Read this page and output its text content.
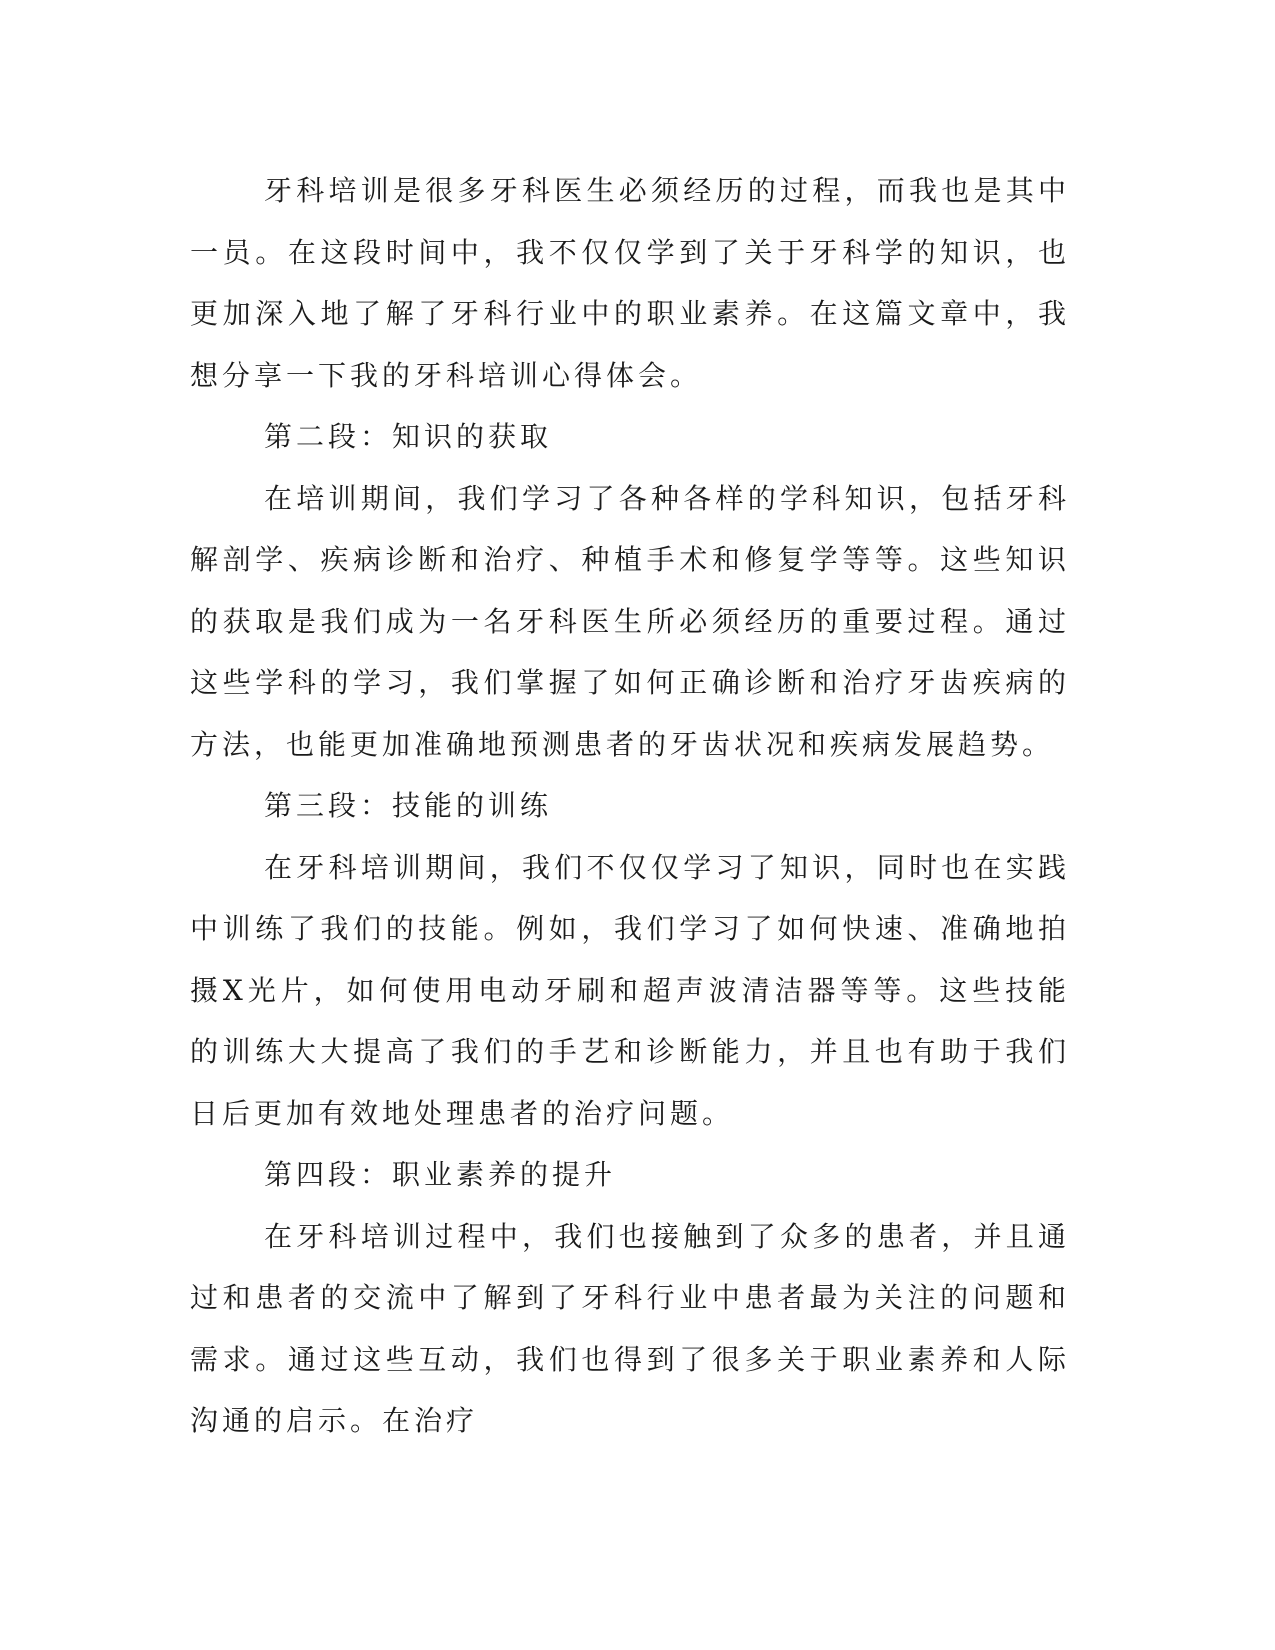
牙科培训是很多牙科医生必须经历的过程，而我也是其中一员。在这段时间中，我不仅仅学到了关于牙科学的知识，也更加深入地了解了牙科行业中的职业素养。在这篇文章中，我想分享一下我的牙科培训心得体会。

第二段：知识的获取

在培训期间，我们学习了各种各样的学科知识，包括牙科解剖学、疾病诊断和治疗、种植手术和修复学等等。这些知识的获取是我们成为一名牙科医生所必须经历的重要过程。通过这些学科的学习，我们掌握了如何正确诊断和治疗牙齿疾病的方法，也能更加准确地预测患者的牙齿状况和疾病发展趋势。

第三段：技能的训练

在牙科培训期间，我们不仅仅学习了知识，同时也在实践中训练了我们的技能。例如，我们学习了如何快速、准确地拍摄X光片，如何使用电动牙刷和超声波清洁器等等。这些技能的训练大大提高了我们的手艺和诊断能力，并且也有助于我们日后更加有效地处理患者的治疗问题。

第四段：职业素养的提升

在牙科培训过程中，我们也接触到了众多的患者，并且通过和患者的交流中了解到了牙科行业中患者最为关注的问题和需求。通过这些互动，我们也得到了很多关于职业素养和人际沟通的启示。在治疗
